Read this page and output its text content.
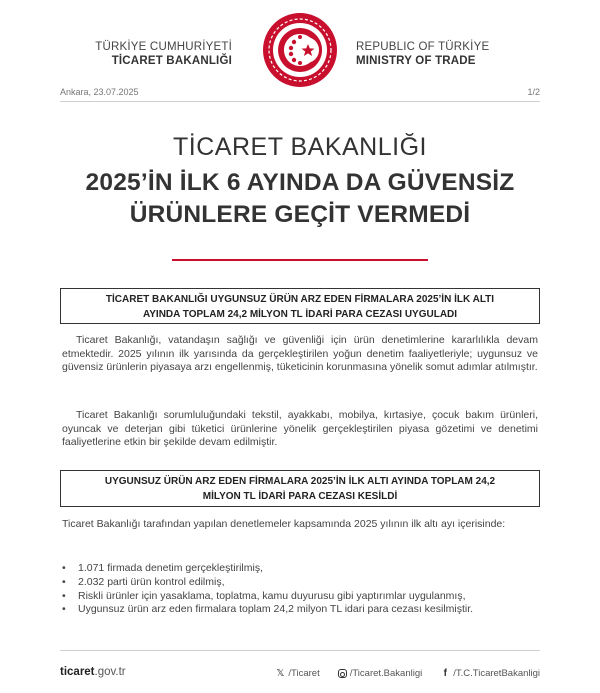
TÜRKİYE CUMHURİYETİ
TİCARET BAKANLIĞI
REPUBLIC OF TÜRKİYE
MINISTRY OF TRADE
Ankara, 23.07.2025	1/2
TİCARET BAKANLIĞI
2025’İN İLK 6 AYINDA DA GÜVENSİZ
ÜRÜNLERE GEÇİT VERMEDİ
TİCARET BAKANLIĞI UYGUNSUZ ÜRÜN ARZ EDEN FİRMALARA 2025’İN İLK ALTI
AYINDA TOPLAM 24,2 MİLYON TL İDARİ PARA CEZASI UYGULADI

Ticaret Bakanlığı, vatandaşın sağlığı ve güvenliği için ürün denetimlerine kararlılıkla devam etmektedir. 2025 yılının ilk yarısında da gerçekleştirilen yoğun denetim faaliyetleriyle; uygunsuz ve güvensiz ürünlerin piyasaya arzı engellenmiş, tüketicinin korunmasına yönelik somut adımlar atılmıştır.

Ticaret Bakanlığı sorumluluğundaki tekstil, ayakkabı, mobilya, kırtasiye, çocuk bakım ürünleri, oyuncak ve deterjan gibi tüketici ürünlerine yönelik gerçekleştirilen piyasa gözetimi ve denetimi faaliyetlerine etkin bir şekilde devam edilmiştir.

UYGUNSUZ ÜRÜN ARZ EDEN FİRMALARA 2025’İN İLK ALTI AYINDA TOPLAM 24,2
MİLYON TL İDARİ PARA CEZASI KESİLDİ

Ticaret Bakanlığı tarafından yapılan denetlemeler kapsamında 2025 yılının ilk altı ayı içerisinde:

• 1.071 firmada denetim gerçekleştirilmiş,
• 2.032 parti ürün kontrol edilmiş,
• Riskli ürünler için yasaklama, toplatma, kamu duyurusu gibi yaptırımlar uygulanmış,
• Uygunsuz ürün arz eden firmalara toplam 24,2 milyon TL idari para cezası kesilmiştir.
ticaret.gov.tr	𝕏 /Ticaret	/Ticaret.Bakanligi	f /T.C.TicaretBakanligi
